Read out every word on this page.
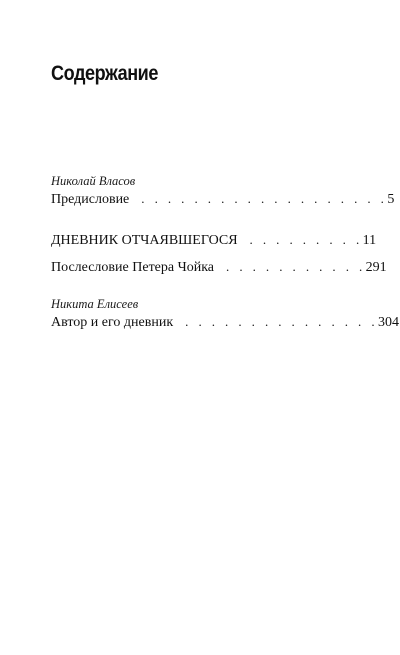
Содержание
Николай Власов
Предисловие . . . . . . . . . . . . . . . . . . . 5
ДНЕВНИК ОТЧАЯВШЕГОСЯ . . . . . . . . . 11
Послесловие Петера Чойка . . . . . . . . . . . 291
Никита Елисеев
Автор и его дневник . . . . . . . . . . . . . . . 304
